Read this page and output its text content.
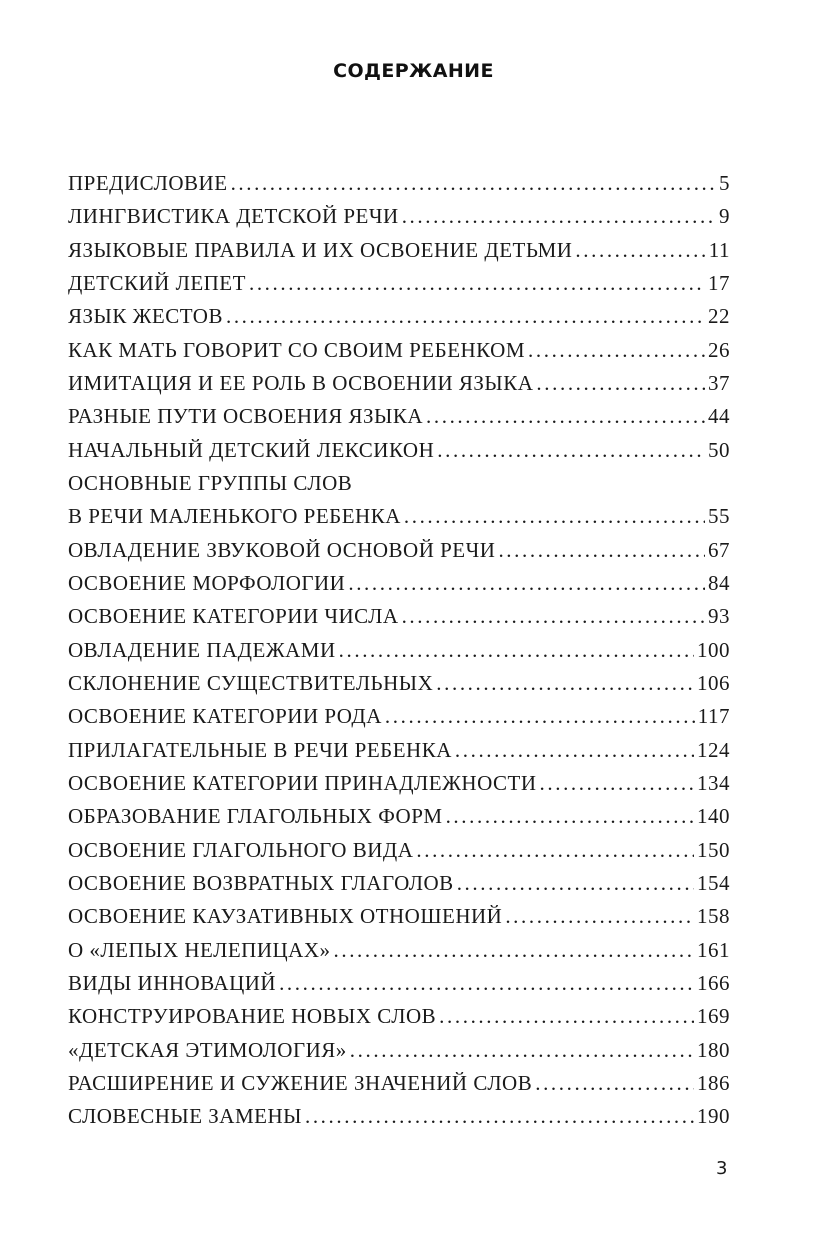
СОДЕРЖАНИЕ
ПРЕДИСЛОВИЕ .....	5
ЛИНГВИСТИКА ДЕТСКОЙ РЕЧИ .....	9
ЯЗЫКОВЫЕ ПРАВИЛА И ИХ ОСВОЕНИЕ ДЕТЬМИ .....	11
ДЕТСКИЙ ЛЕПЕТ .....	17
ЯЗЫК ЖЕСТОВ .....	22
КАК МАТЬ ГОВОРИТ СО СВОИМ РЕБЕНКОМ .....	26
ИМИТАЦИЯ И ЕЕ РОЛЬ В ОСВОЕНИИ ЯЗЫКА .....	37
РАЗНЫЕ ПУТИ ОСВОЕНИЯ ЯЗЫКА .....	44
НАЧАЛЬНЫЙ ДЕТСКИЙ ЛЕКСИКОН .....	50
ОСНОВНЫЕ ГРУППЫ СЛОВ
В РЕЧИ МАЛЕНЬКОГО РЕБЕНКА .....	55
ОВЛАДЕНИЕ ЗВУКОВОЙ ОСНОВОЙ РЕЧИ .....	67
ОСВОЕНИЕ МОРФОЛОГИИ .....	84
ОСВОЕНИЕ КАТЕГОРИИ ЧИСЛА .....	93
ОВЛАДЕНИЕ ПАДЕЖАМИ .....	100
СКЛОНЕНИЕ СУЩЕСТВИТЕЛЬНЫХ .....	106
ОСВОЕНИЕ КАТЕГОРИИ РОДА .....	117
ПРИЛАГАТЕЛЬНЫЕ В РЕЧИ РЕБЕНКА .....	124
ОСВОЕНИЕ КАТЕГОРИИ ПРИНАДЛЕЖНОСТИ .....	134
ОБРАЗОВАНИЕ ГЛАГОЛЬНЫХ ФОРМ .....	140
ОСВОЕНИЕ ГЛАГОЛЬНОГО ВИДА .....	150
ОСВОЕНИЕ ВОЗВРАТНЫХ ГЛАГОЛОВ .....	154
ОСВОЕНИЕ КАУЗАТИВНЫХ ОТНОШЕНИЙ .....	158
О «ЛЕПЫХ НЕЛЕПИЦАХ» .....	161
ВИДЫ ИННОВАЦИЙ .....	166
КОНСТРУИРОВАНИЕ НОВЫХ СЛОВ .....	169
«ДЕТСКАЯ ЭТИМОЛОГИЯ» .....	180
РАСШИРЕНИЕ И СУЖЕНИЕ ЗНАЧЕНИЙ СЛОВ .....	186
СЛОВЕСНЫЕ ЗАМЕНЫ .....	190
3
